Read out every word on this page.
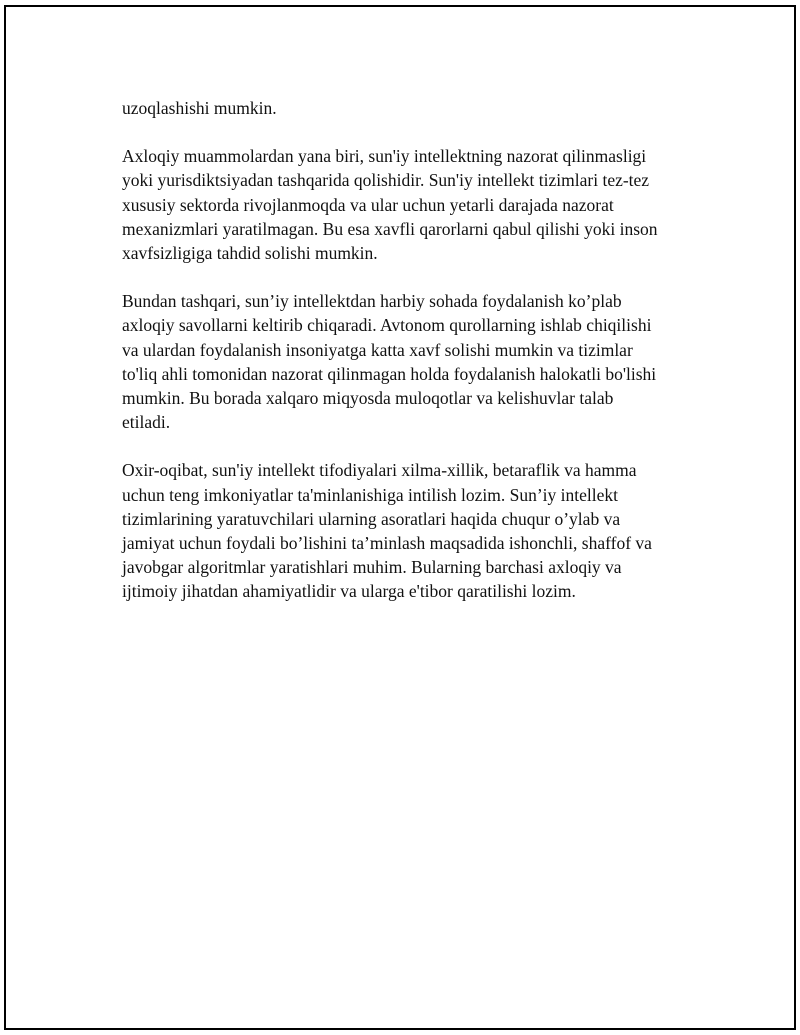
uzoqlashishi mumkin.

Axloqiy muammolardan yana biri, sun'iy intellektning nazorat qilinmasligi
yoki yurisdiktsiyadan tashqarida qolishidir. Sun'iy intellekt tizimlari tez-tez
xususiy sektorda rivojlanmoqda va ular uchun yetarli darajada nazorat
mexanizmlari yaratilmagan. Bu esa xavfli qarorlarni qabul qilishi yoki inson
xavfsizligiga tahdid solishi mumkin.

Bundan tashqari, sun’iy intellektdan harbiy sohada foydalanish ko’plab
axloqiy savollarni keltirib chiqaradi. Avtonom qurollarning ishlab chiqilishi
va ulardan foydalanish insoniyatga katta xavf solishi mumkin va tizimlar
to'liq ahli tomonidan nazorat qilinmagan holda foydalanish halokatli bo'lishi
mumkin. Bu borada xalqaro miqyosda muloqotlar va kelishuvlar talab
etiladi.

Oxir-oqibat, sun'iy intellekt tifodiyalari xilma-xillik, betaraflik va hamma
uchun teng imkoniyatlar ta'minlanishiga intilish lozim. Sun’iy intellekt
tizimlarining yaratuvchilari ularning asoratlari haqida chuqur o’ylab va
jamiyat uchun foydali bo’lishini ta’minlash maqsadida ishonchli, shaffof va
javobgar algoritmlar yaratishlari muhim. Bularning barchasi axloqiy va
ijtimoiy jihatdan ahamiyatlidir va ularga e'tibor qaratilishi lozim.
